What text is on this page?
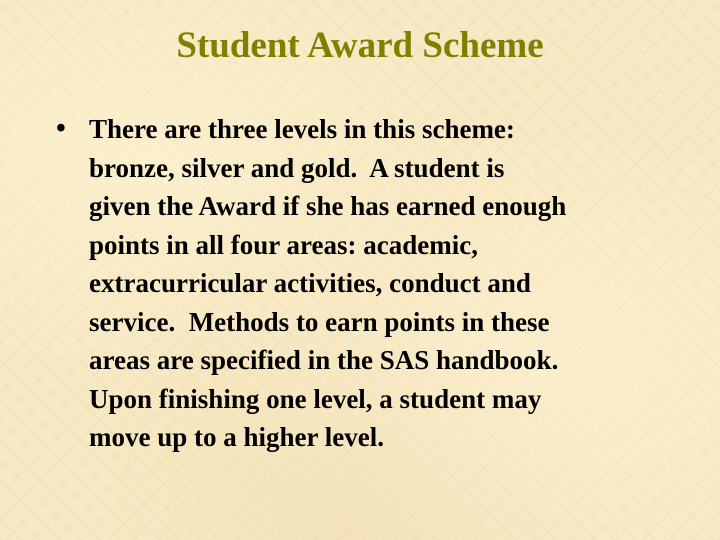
Student Award Scheme
• There are three levels in this scheme:
bronze, silver and gold.  A student is
given the Award if she has earned enough
points in all four areas: academic,
extracurricular activities, conduct and
service.  Methods to earn points in these
areas are specified in the SAS handbook.
Upon finishing one level, a student may
move up to a higher level.
